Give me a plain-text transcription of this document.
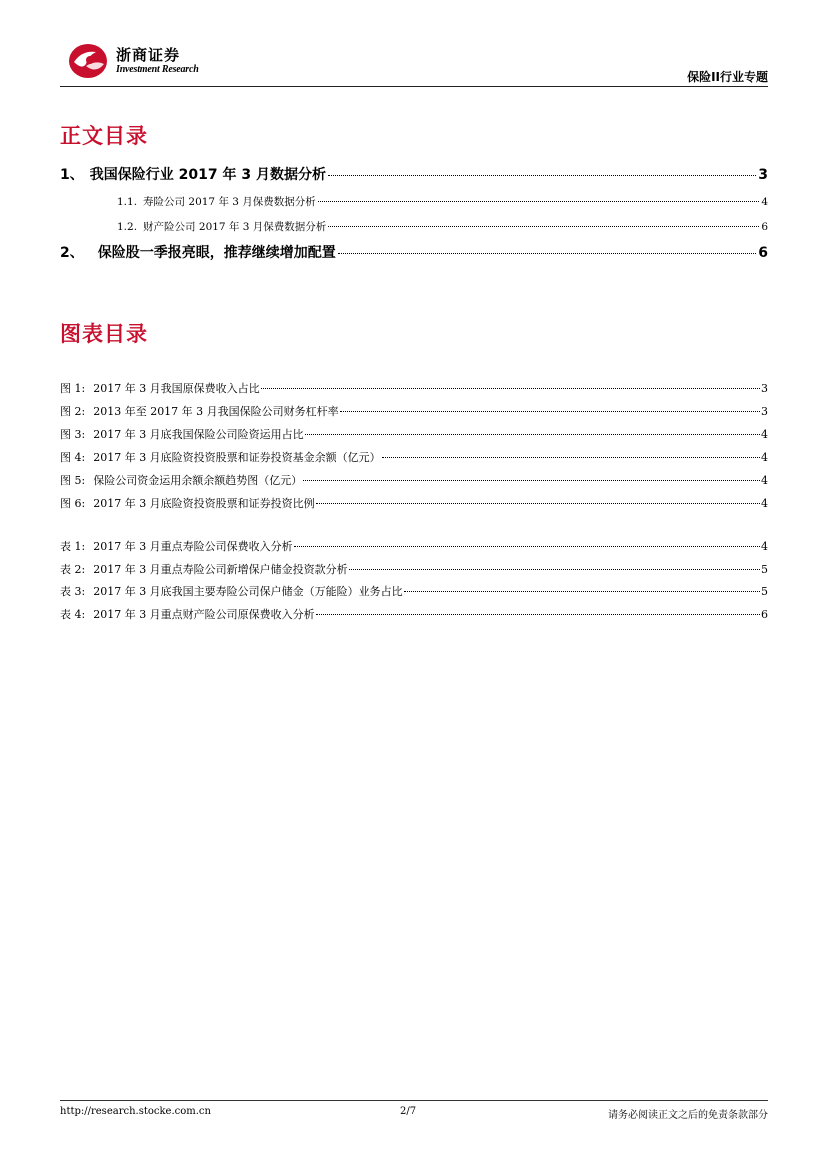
浙商证券
Investment Research
保险II行业专题
正文目录
1、 我国保险行业 2017 年 3 月数据分析	3
1.1. 寿险公司 2017 年 3 月保费数据分析	4
1.2. 财产险公司 2017 年 3 月保费数据分析	6
2、 保险股一季报亮眼，推荐继续增加配置	6
图表目录
图 1: 2017 年 3 月我国原保费收入占比	3
图 2: 2013 年至 2017 年 3 月我国保险公司财务杠杆率	3
图 3: 2017 年 3 月底我国保险公司险资运用占比	4
图 4: 2017 年 3 月底险资投资股票和证券投资基金余额（亿元）	4
图 5: 保险公司资金运用余额余额趋势图（亿元）	4
图 6: 2017 年 3 月底险资投资股票和证券投资比例	4
表 1: 2017 年 3 月重点寿险公司保费收入分析	4
表 2: 2017 年 3 月重点寿险公司新增保户储金投资款分析	5
表 3: 2017 年 3 月底我国主要寿险公司保户储金（万能险）业务占比	5
表 4: 2017 年 3 月重点财产险公司原保费收入分析	6
http://research.stocke.com.cn	2/7	请务必阅读正文之后的免责条款部分
